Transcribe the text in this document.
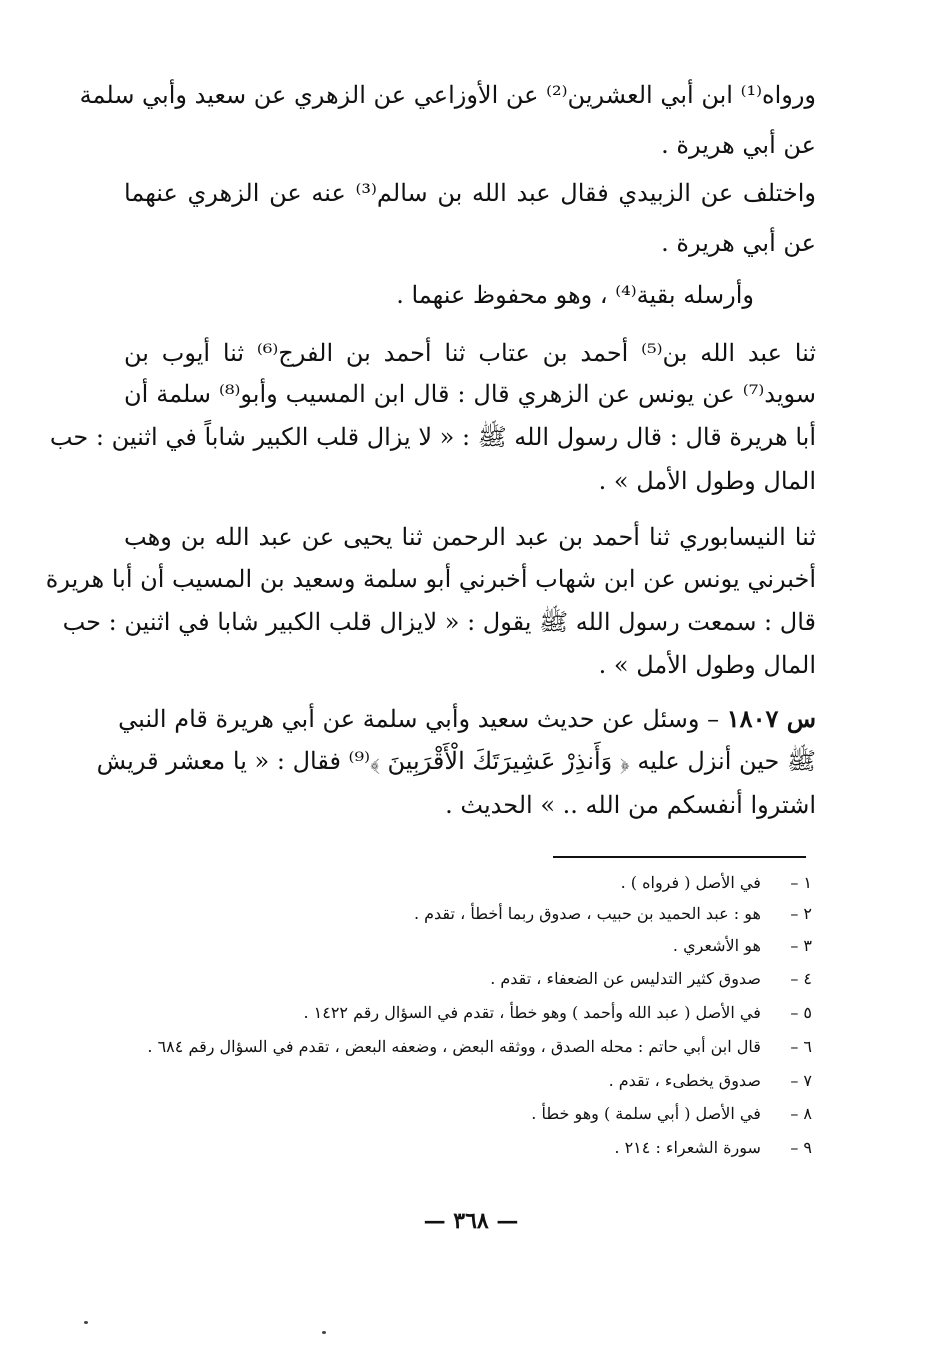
ورواه⁽¹⁾ ابن أبي العشرين⁽²⁾ عن الأوزاعي عن الزهري عن سعيد وأبي سلمة
عن أبي هريرة .
واختلف عن الزبيدي فقال عبد الله بن سالم⁽³⁾ عنه عن الزهري عنهما
عن أبي هريرة .
وأرسله بقية⁽⁴⁾ ، وهو محفوظ عنهما .
ثنا عبد الله بن⁽⁵⁾ أحمد بن عتاب ثنا أحمد بن الفرج⁽⁶⁾ ثنا أيوب بن
سويد⁽⁷⁾ عن يونس عن الزهري قال : قال ابن المسيب وأبو⁽⁸⁾ سلمة أن
أبا هريرة قال : قال رسول الله ﷺ : « لا يزال قلب الكبير شاباً في اثنين : حب
المال وطول الأمل » .
ثنا النيسابوري ثنا أحمد بن عبد الرحمن ثنا يحيى عن عبد الله بن وهب
أخبرني يونس عن ابن شهاب أخبرني أبو سلمة وسعيد بن المسيب أن أبا هريرة
قال : سمعت رسول الله ﷺ يقول : « لايزال قلب الكبير شابا في اثنين : حب
المال وطول الأمل » .
س ١٨٠٧ – وسئل عن حديث سعيد وأبي سلمة عن أبي هريرة قام النبي
ﷺ حين أنزل عليه ﴿ وَأَنذِرْ عَشِيرَتَكَ الْأَقْرَبِينَ ﴾⁽⁹⁾ فقال : « يا معشر قريش
اشتروا أنفسكم من الله .. » الحديث .
١ – في الأصل ( فرواه ) .
٢ – هو : عبد الحميد بن حبيب ، صدوق ربما أخطأ ، تقدم .
٣ – هو الأشعري .
٤ – صدوق كثير التدليس عن الضعفاء ، تقدم .
٥ – في الأصل ( عبد الله وأحمد ) وهو خطأ ، تقدم في السؤال رقم ١٤٢٢ .
٦ – قال ابن أبي حاتم : محله الصدق ، ووثقه البعض ، وضعفه البعض ، تقدم في السؤال رقم ٦٨٤ .
٧ – صدوق يخطىء ، تقدم .
٨ – في الأصل ( أبي سلمة ) وهو خطأ .
٩ – سورة الشعراء : ٢١٤ .
— ٣٦٨ —
